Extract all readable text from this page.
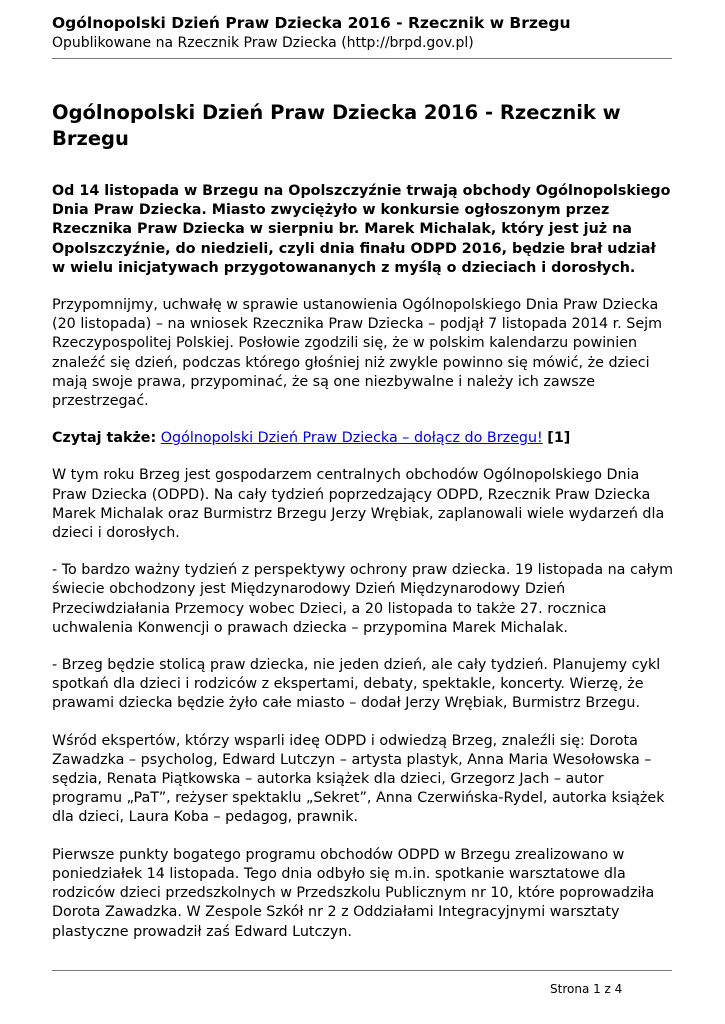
Ogólnopolski Dzień Praw Dziecka 2016 - Rzecznik w Brzegu
Opublikowane na Rzecznik Praw Dziecka (http://brpd.gov.pl)
Ogólnopolski Dzień Praw Dziecka 2016 - Rzecznik w Brzegu

Od 14 listopada w Brzegu na Opolszczyźnie trwają obchody Ogólnopolskiego Dnia Praw Dziecka. Miasto zwyciężyło w konkursie ogłoszonym przez Rzecznika Praw Dziecka w sierpniu br. Marek Michalak, który jest już na Opolszczyźnie, do niedzieli, czyli dnia finału ODPD 2016, będzie brał udział w wielu inicjatywach przygotowananych z myślą o dzieciach i dorosłych.

Przypomnijmy, uchwałę w sprawie ustanowienia Ogólnopolskiego Dnia Praw Dziecka (20 listopada) – na wniosek Rzecznika Praw Dziecka – podjął 7 listopada 2014 r. Sejm Rzeczypospolitej Polskiej. Posłowie zgodzili się, że w polskim kalendarzu powinien znaleźć się dzień, podczas którego głośniej niż zwykle powinno się mówić, że dzieci mają swoje prawa, przypominać, że są one niezbywalne i należy ich zawsze przestrzegać.

Czytaj także: Ogólnopolski Dzień Praw Dziecka – dołącz do Brzegu! [1]

W tym roku Brzeg jest gospodarzem centralnych obchodów Ogólnopolskiego Dnia Praw Dziecka (ODPD). Na cały tydzień poprzedzający ODPD, Rzecznik Praw Dziecka Marek Michalak oraz Burmistrz Brzegu Jerzy Wrębiak, zaplanowali wiele wydarzeń dla dzieci i dorosłych.

- To bardzo ważny tydzień z perspektywy ochrony praw dziecka. 19 listopada na całym świecie obchodzony jest Międzynarodowy Dzień Międzynarodowy Dzień Przeciwdziałania Przemocy wobec Dzieci, a 20 listopada to także 27. rocznica uchwalenia Konwencji o prawach dziecka – przypomina Marek Michalak.

- Brzeg będzie stolicą praw dziecka, nie jeden dzień, ale cały tydzień. Planujemy cykl spotkań dla dzieci i rodziców z ekspertami, debaty, spektakle, koncerty. Wierzę, że prawami dziecka będzie żyło całe miasto – dodał Jerzy Wrębiak, Burmistrz Brzegu.

Wśród ekspertów, którzy wsparli ideę ODPD i odwiedzą Brzeg, znaleźli się: Dorota Zawadzka – psycholog, Edward Lutczyn – artysta plastyk, Anna Maria Wesołowska – sędzia, Renata Piątkowska – autorka książek dla dzieci, Grzegorz Jach – autor programu „PaT”, reżyser spektaklu „Sekret”, Anna Czerwińska-Rydel, autorka książek dla dzieci, Laura Koba – pedagog, prawnik.

Pierwsze punkty bogatego programu obchodów ODPD w Brzegu zrealizowano w poniedziałek 14 listopada. Tego dnia odbyło się m.in. spotkanie warsztatowe dla rodziców dzieci przedszkolnych w Przedszkolu Publicznym nr 10, które poprowadziła Dorota Zawadzka. W Zespole Szkół nr 2 z Oddziałami Integracyjnymi warsztaty plastyczne prowadził zaś Edward Lutczyn.

Strona 1 z 4
